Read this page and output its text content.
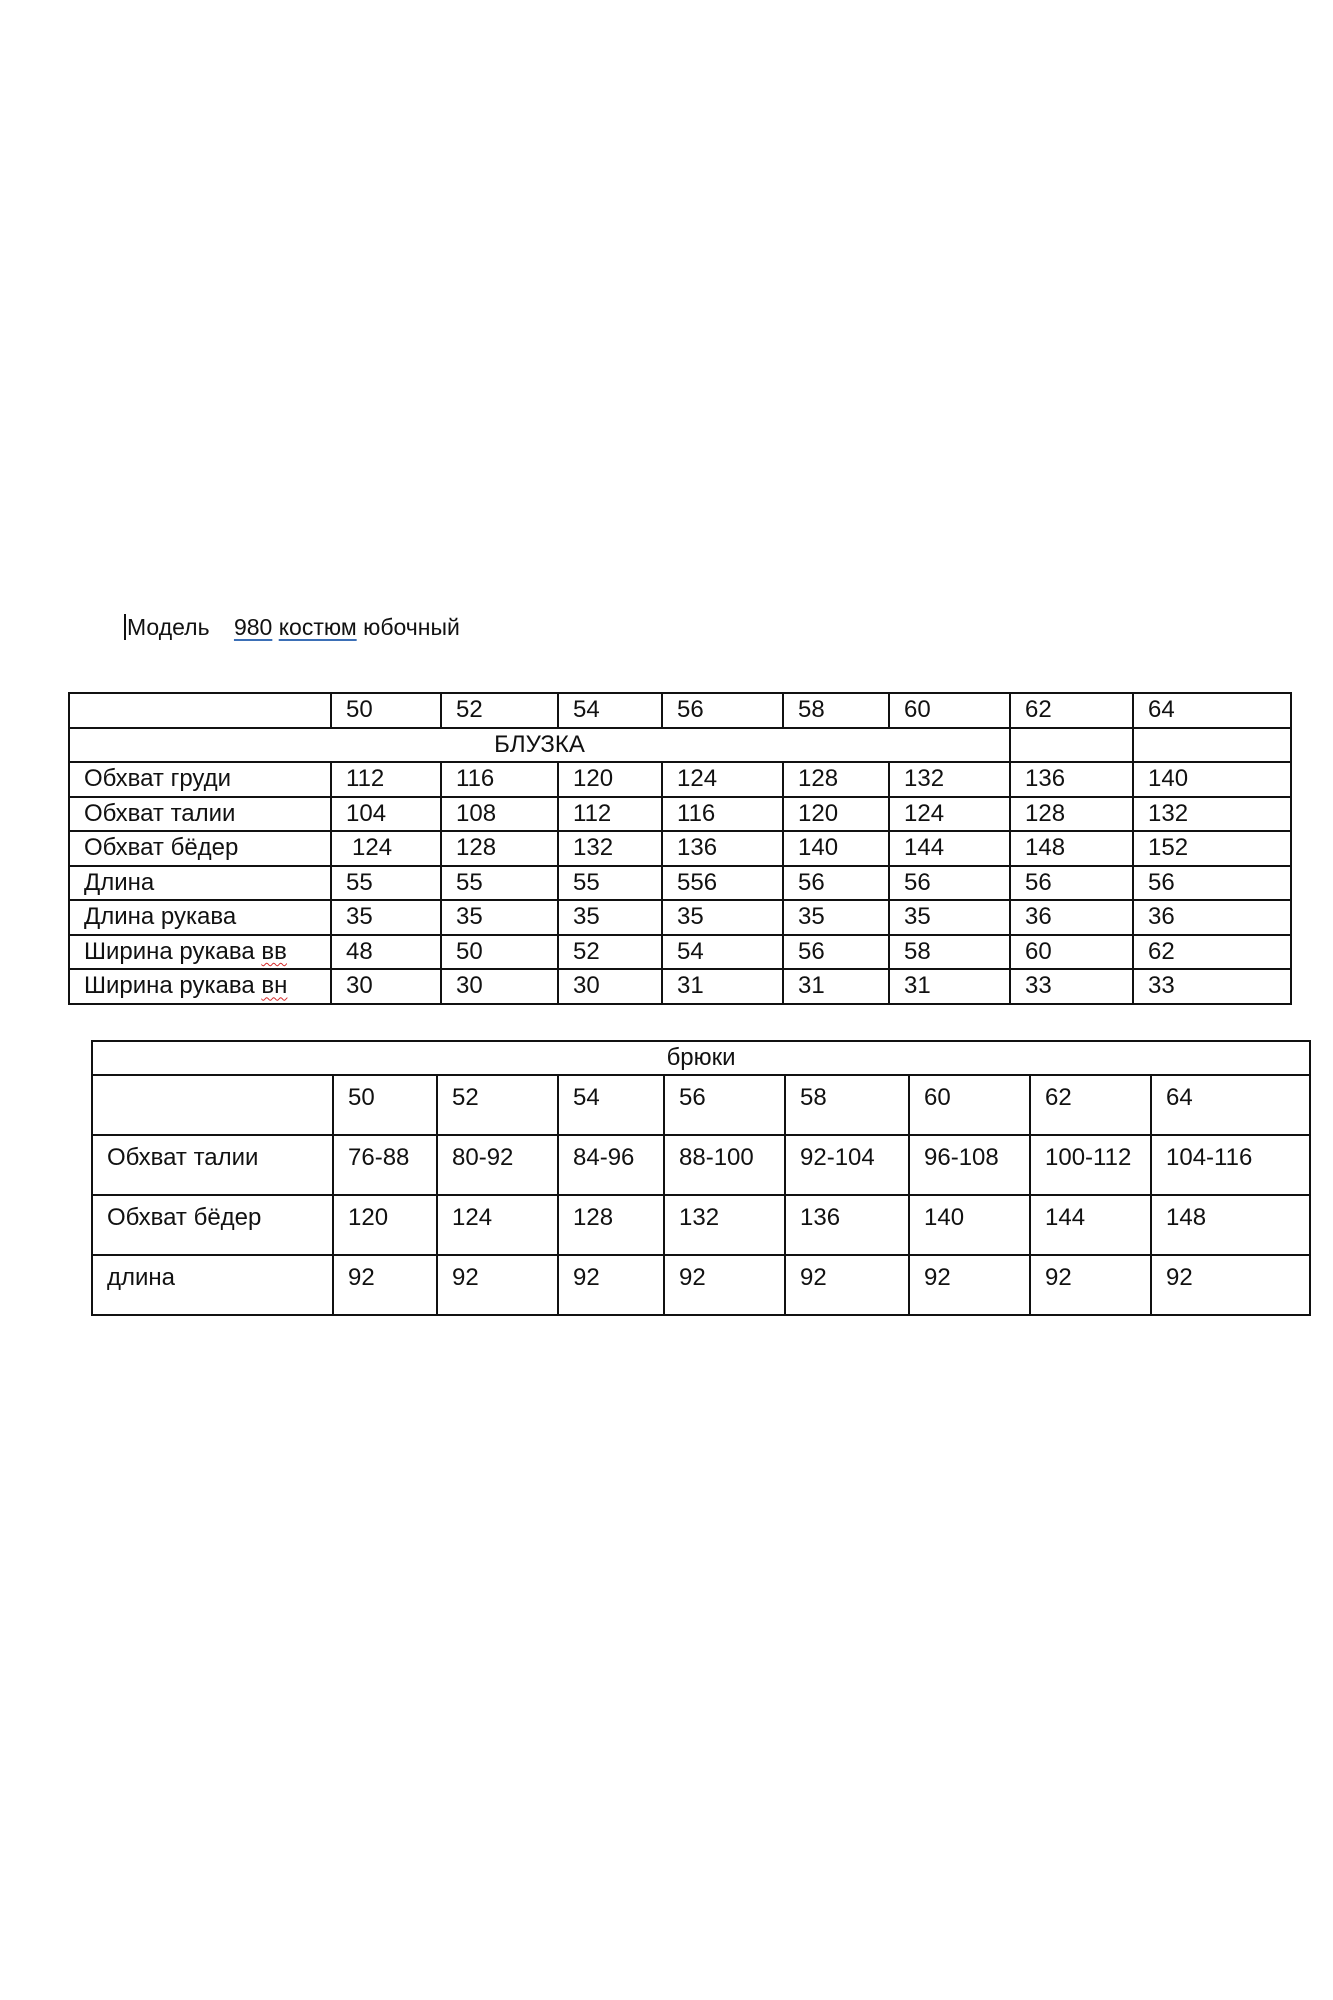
Модель 980 костюм юбочный
	50	52	54	56	58	60	62	64
БЛУЗКА								
Обхват груди	112	116	120	124	128	132	136	140
Обхват талии	104	108	112	116	120	124	128	132
Обхват бёдер	124	128	132	136	140	144	148	152
Длина	55	55	55	556	56	56	56	56
Длина рукава	35	35	35	35	35	35	36	36
Ширина рукава вв	48	50	52	54	56	58	60	62
Ширина рукава вн	30	30	30	31	31	31	33	33
брюки								
	50	52	54	56	58	60	62	64
Обхват талии	76-88	80-92	84-96	88-100	92-104	96-108	100-112	104-116
Обхват бёдер	120	124	128	132	136	140	144	148
длина	92	92	92	92	92	92	92	92
